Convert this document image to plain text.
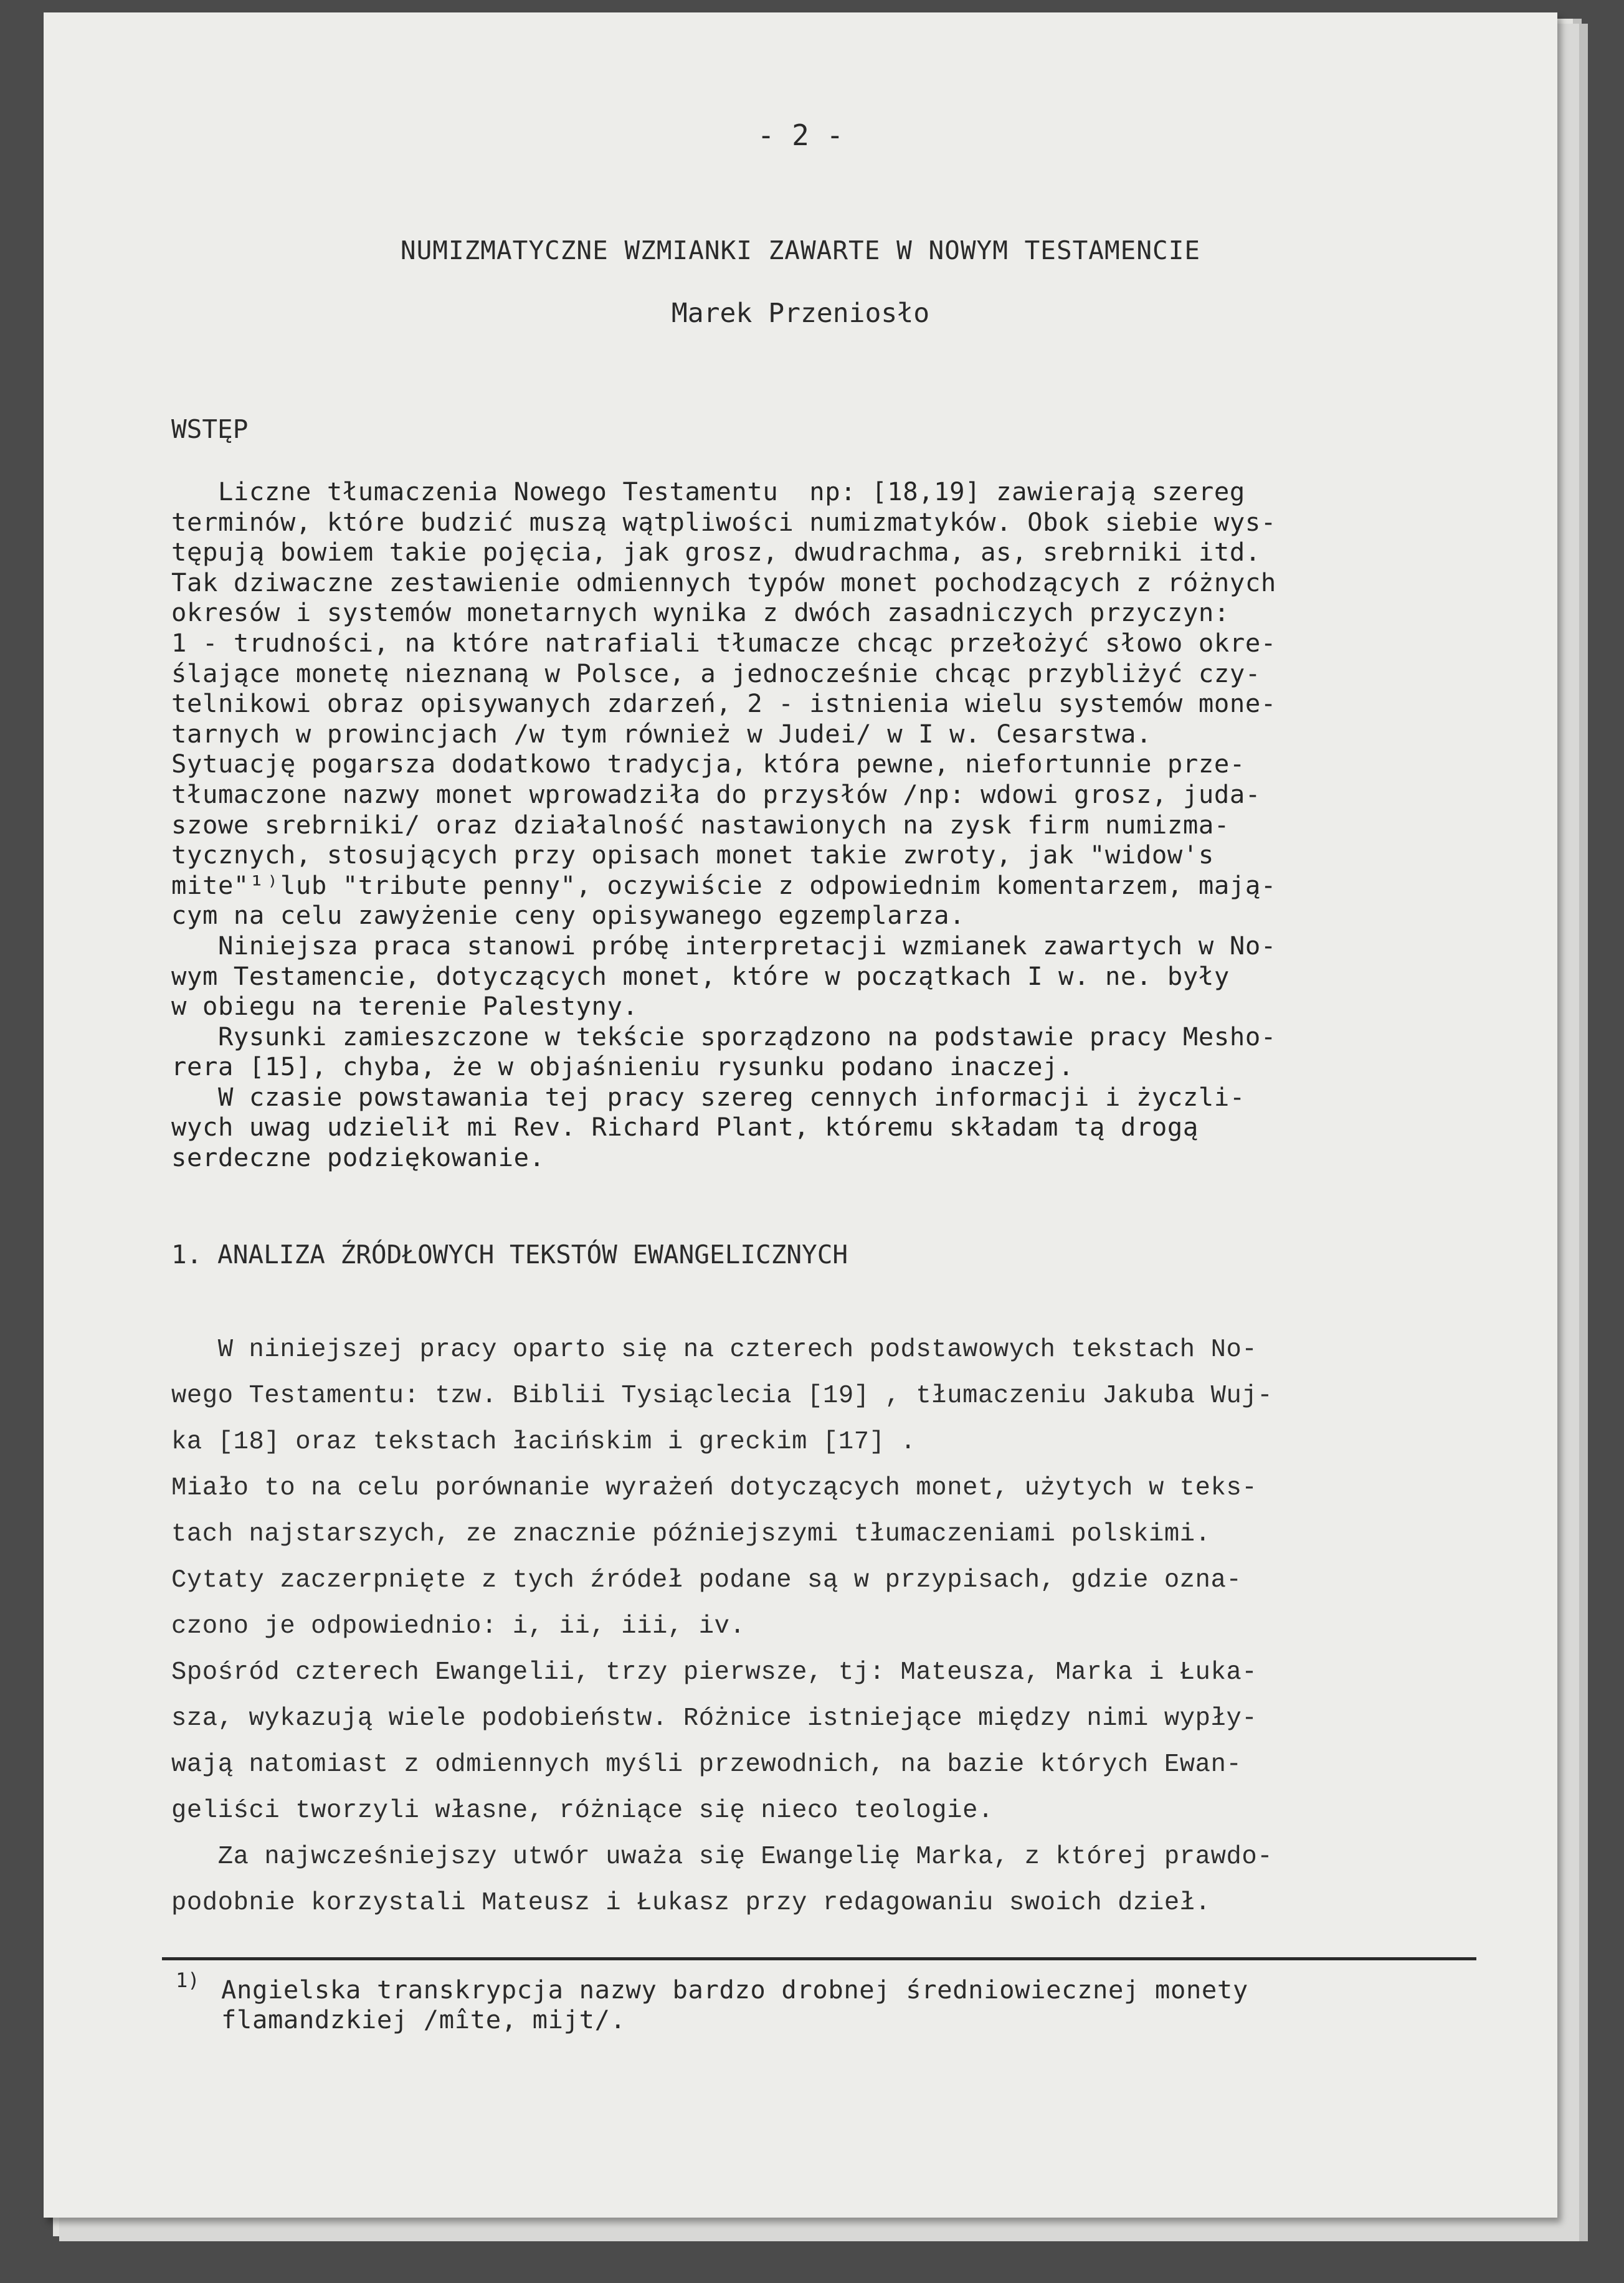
- 2 -
NUMIZMATYCZNE WZMIANKI ZAWARTE W NOWYM TESTAMENCIE
Marek Przeniosło
WSTĘP
Liczne tłumaczenia Nowego Testamentu  np: [18,19] zawierają szereg
terminów, które budzić muszą wątpliwości numizmatyków. Obok siebie wys-
tępują bowiem takie pojęcia, jak grosz, dwudrachma, as, srebrniki itd.
Tak dziwaczne zestawienie odmiennych typów monet pochodzących z różnych
okresów i systemów monetarnych wynika z dwóch zasadniczych przyczyn:
1 - trudności, na które natrafiali tłumacze chcąc przełożyć słowo okre-
ślające monetę nieznaną w Polsce, a jednocześnie chcąc przybliżyć czy-
telnikowi obraz opisywanych zdarzeń, 2 - istnienia wielu systemów mone-
tarnych w prowincjach /w tym również w Judei/ w I w. Cesarstwa.
Sytuację pogarsza dodatkowo tradycja, która pewne, niefortunnie prze-
tłumaczone nazwy monet wprowadziła do przysłów /np: wdowi grosz, juda-
szowe srebrniki/ oraz działalność nastawionych na zysk firm numizma-
tycznych, stosujących przy opisach monet takie zwroty, jak "widow's
mite"¹⁾lub "tribute penny", oczywiście z odpowiednim komentarzem, mają-
cym na celu zawyżenie ceny opisywanego egzemplarza.
Niniejsza praca stanowi próbę interpretacji wzmianek zawartych w No-
wym Testamencie, dotyczących monet, które w początkach I w. ne. były
w obiegu na terenie Palestyny.
Rysunki zamieszczone w tekście sporządzono na podstawie pracy Mesho-
rera [15], chyba, że w objaśnieniu rysunku podano inaczej.
W czasie powstawania tej pracy szereg cennych informacji i życzli-
wych uwag udzielił mi Rev. Richard Plant, któremu składam tą drogą
serdeczne podziękowanie.
1. ANALIZA ŹRÓDŁOWYCH TEKSTÓW EWANGELICZNYCH
W niniejszej pracy oparto się na czterech podstawowych tekstach No-
wego Testamentu: tzw. Biblii Tysiąclecia [19] , tłumaczeniu Jakuba Wuj-
ka [18] oraz tekstach łacińskim i greckim [17] .
Miało to na celu porównanie wyrażeń dotyczących monet, użytych w teks-
tach najstarszych, ze znacznie późniejszymi tłumaczeniami polskimi.
Cytaty zaczerpnięte z tych źródeł podane są w przypisach, gdzie ozna-
czono je odpowiednio: i, ii, iii, iv.
Spośród czterech Ewangelii, trzy pierwsze, tj: Mateusza, Marka i Łuka-
sza, wykazują wiele podobieństw. Różnice istniejące między nimi wypły-
wają natomiast z odmiennych myśli przewodnich, na bazie których Ewan-
geliści tworzyli własne, różniące się nieco teologie.
Za najwcześniejszy utwór uważa się Ewangelię Marka, z której prawdo-
podobnie korzystali Mateusz i Łukasz przy redagowaniu swoich dzieł.
1) Angielska transkrypcja nazwy bardzo drobnej średniowiecznej monety
flamandzkiej /mîte, mijt/.
